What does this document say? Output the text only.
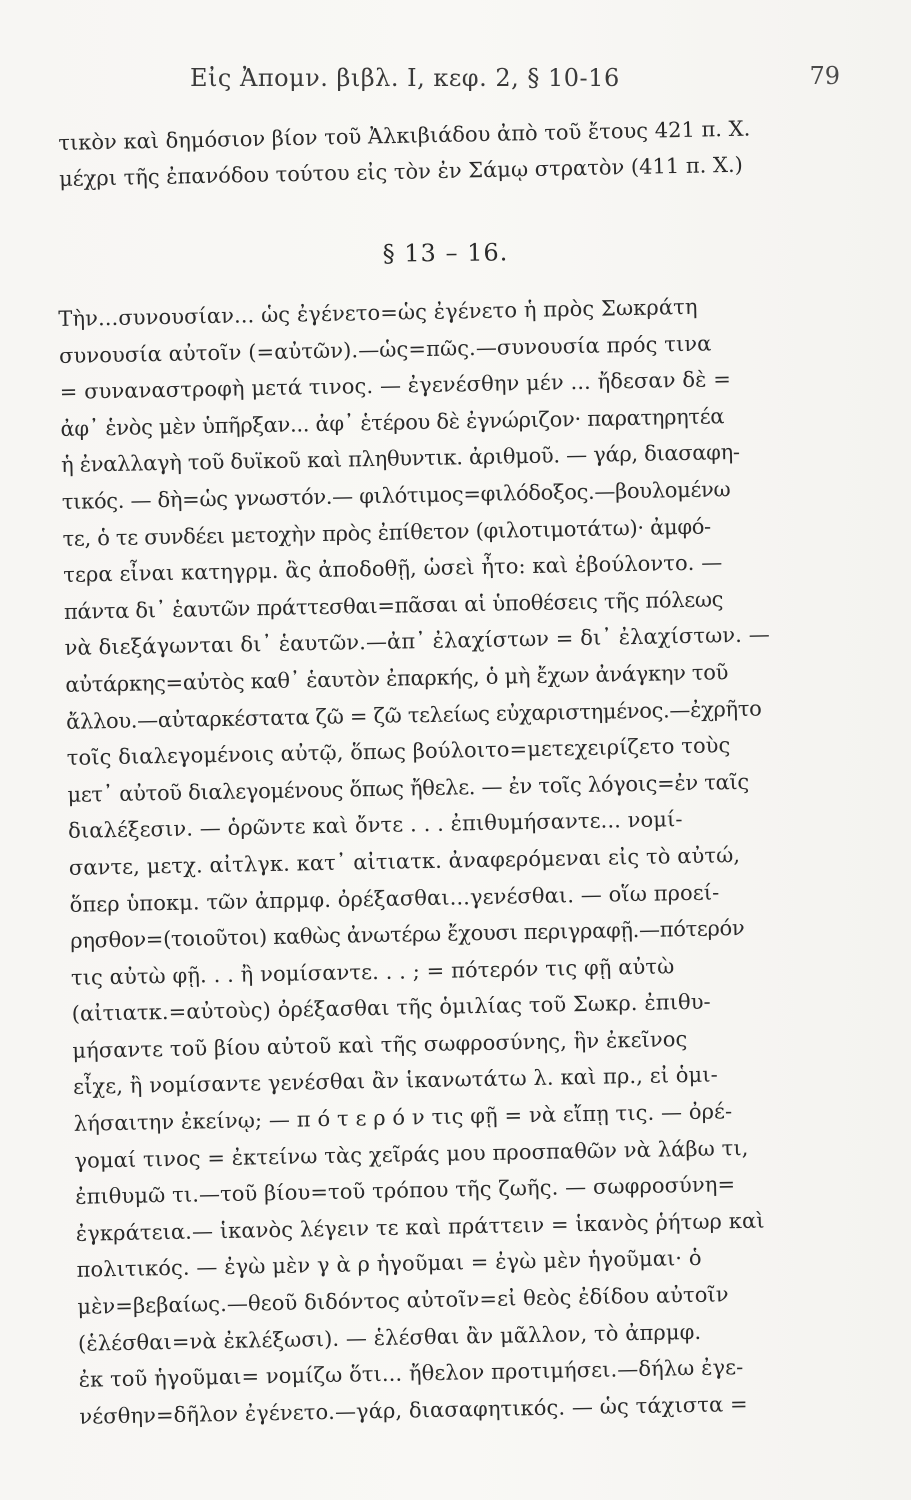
Εἰς Ἀπομν. βιβλ. I, κεφ. 2, § 10-16	79

τικὸν καὶ δημόσιον βίον τοῦ Ἀλκιβιάδου ἀπὸ τοῦ ἔτους 421 π. Χ.
μέχρι τῆς ἐπανόδου τούτου εἰς τὸν ἐν Σάμῳ στρατὸν (411 π. Χ.)

§ 13 – 16.
Τὴν...συνουσίαν... ὡς ἐγένετο=ὡς ἐγένετο ἡ πρὸς Σωκράτη
συνουσία αὐτοῖν (=αὐτῶν).—ὡς=πῶς.—συνουσία πρός τινα
= συναναστροφὴ μετά τινος. — ἐγενέσθην μέν ... ἤδεσαν δὲ =
ἀφ᾽ ἑνὸς μὲν ὑπῆρξαν... ἀφ᾽ ἑτέρου δὲ ἐγνώριζον· παρατηρητέα
ἡ ἐναλλαγὴ τοῦ δυϊκοῦ καὶ πληθυντικ. ἀριθμοῦ. — γάρ, διασαφη-
τικός. — δὴ=ὡς γνωστόν.— φιλότιμος=φιλόδοξος.—βουλομένω
τε, ὁ τε συνδέει μετοχὴν πρὸς ἐπίθετον (φιλοτιμοτάτω)· ἀμφό-
τερα εἶναι κατηγρμ. ἂς ἀποδοθῇ, ὡσεὶ ἦτο: καὶ ἐβούλοντο. —
πάντα δι᾽ ἑαυτῶν πράττεσθαι=πᾶσαι αἱ ὑποθέσεις τῆς πόλεως
νὰ διεξάγωνται δι᾽ ἑαυτῶν.—ἀπ᾽ ἐλαχίστων = δι᾽ ἐλαχίστων. —
αὐτάρκης=αὐτὸς καθ᾽ ἑαυτὸν ἐπαρκής, ὁ μὴ ἔχων ἀνάγκην τοῦ
ἄλλου.—αὐταρκέστατα ζῶ = ζῶ τελείως εὐχαριστημένος.—ἐχρῆτο
τοῖς διαλεγομένοις αὐτῷ, ὅπως βούλοιτο=μετεχειρίζετο τοὺς
μετ᾽ αὐτοῦ διαλεγομένους ὅπως ἤθελε. — ἐν τοῖς λόγοις=ἐν ταῖς
διαλέξεσιν. — ὁρῶντε καὶ ὄντε . . . ἐπιθυμήσαντε... νομί-
σαντε, μετχ. αἰτλγκ. κατ᾽ αἰτιατκ. ἀναφερόμεναι εἰς τὸ αὐτώ,
ὅπερ ὑποκμ. τῶν ἀπρμφ. ὀρέξασθαι...γενέσθαι. — οἵω προεί-
ρησθον=(τοιοῦτοι) καθὼς ἀνωτέρω ἔχουσι περιγραφῇ.—πότερόν
τις αὐτὼ φῇ. . . ἢ νομίσαντε. . . ; = πότερόν τις φῇ αὐτὼ
(αἰτιατκ.=αὐτοὺς) ὀρέξασθαι τῆς ὁμιλίας τοῦ Σωκρ. ἐπιθυ-
μήσαντε τοῦ βίου αὐτοῦ καὶ τῆς σωφροσύνης, ἣν ἐκεῖνος
εἶχε, ἢ νομίσαντε γενέσθαι ἂν ἱκανωτάτω λ. καὶ πρ., εἰ ὁμι-
λήσαιτην ἐκείνῳ; — π ό τ ε ρ ό ν τις φῇ = νὰ εἴπῃ τις. — ὀρέ-
γομαί τινος = ἐκτείνω τὰς χεῖράς μου προσπαθῶν νὰ λάβω τι,
ἐπιθυμῶ τι.—τοῦ βίου=τοῦ τρόπου τῆς ζωῆς. — σωφροσύνη=
ἐγκράτεια.— ἱκανὸς λέγειν τε καὶ πράττειν = ἱκανὸς ῥήτωρ καὶ
πολιτικός. — ἐγὼ μὲν γ ὰ ρ ἡγοῦμαι = ἐγὼ μὲν ἡγοῦμαι· ὁ
μὲν=βεβαίως.—θεοῦ διδόντος αὐτοῖν=εἰ θεὸς ἐδίδου αὐτοῖν
(ἑλέσθαι=νὰ ἐκλέξωσι). — ἑλέσθαι ἂν μᾶλλον, τὸ ἀπρμφ.
ἐκ τοῦ ἡγοῦμαι= νομίζω ὅτι... ἤθελον προτιμήσει.—δήλω ἐγε-
νέσθην=δῆλον ἐγένετο.—γάρ, διασαφητικός. — ὡς τάχιστα =
